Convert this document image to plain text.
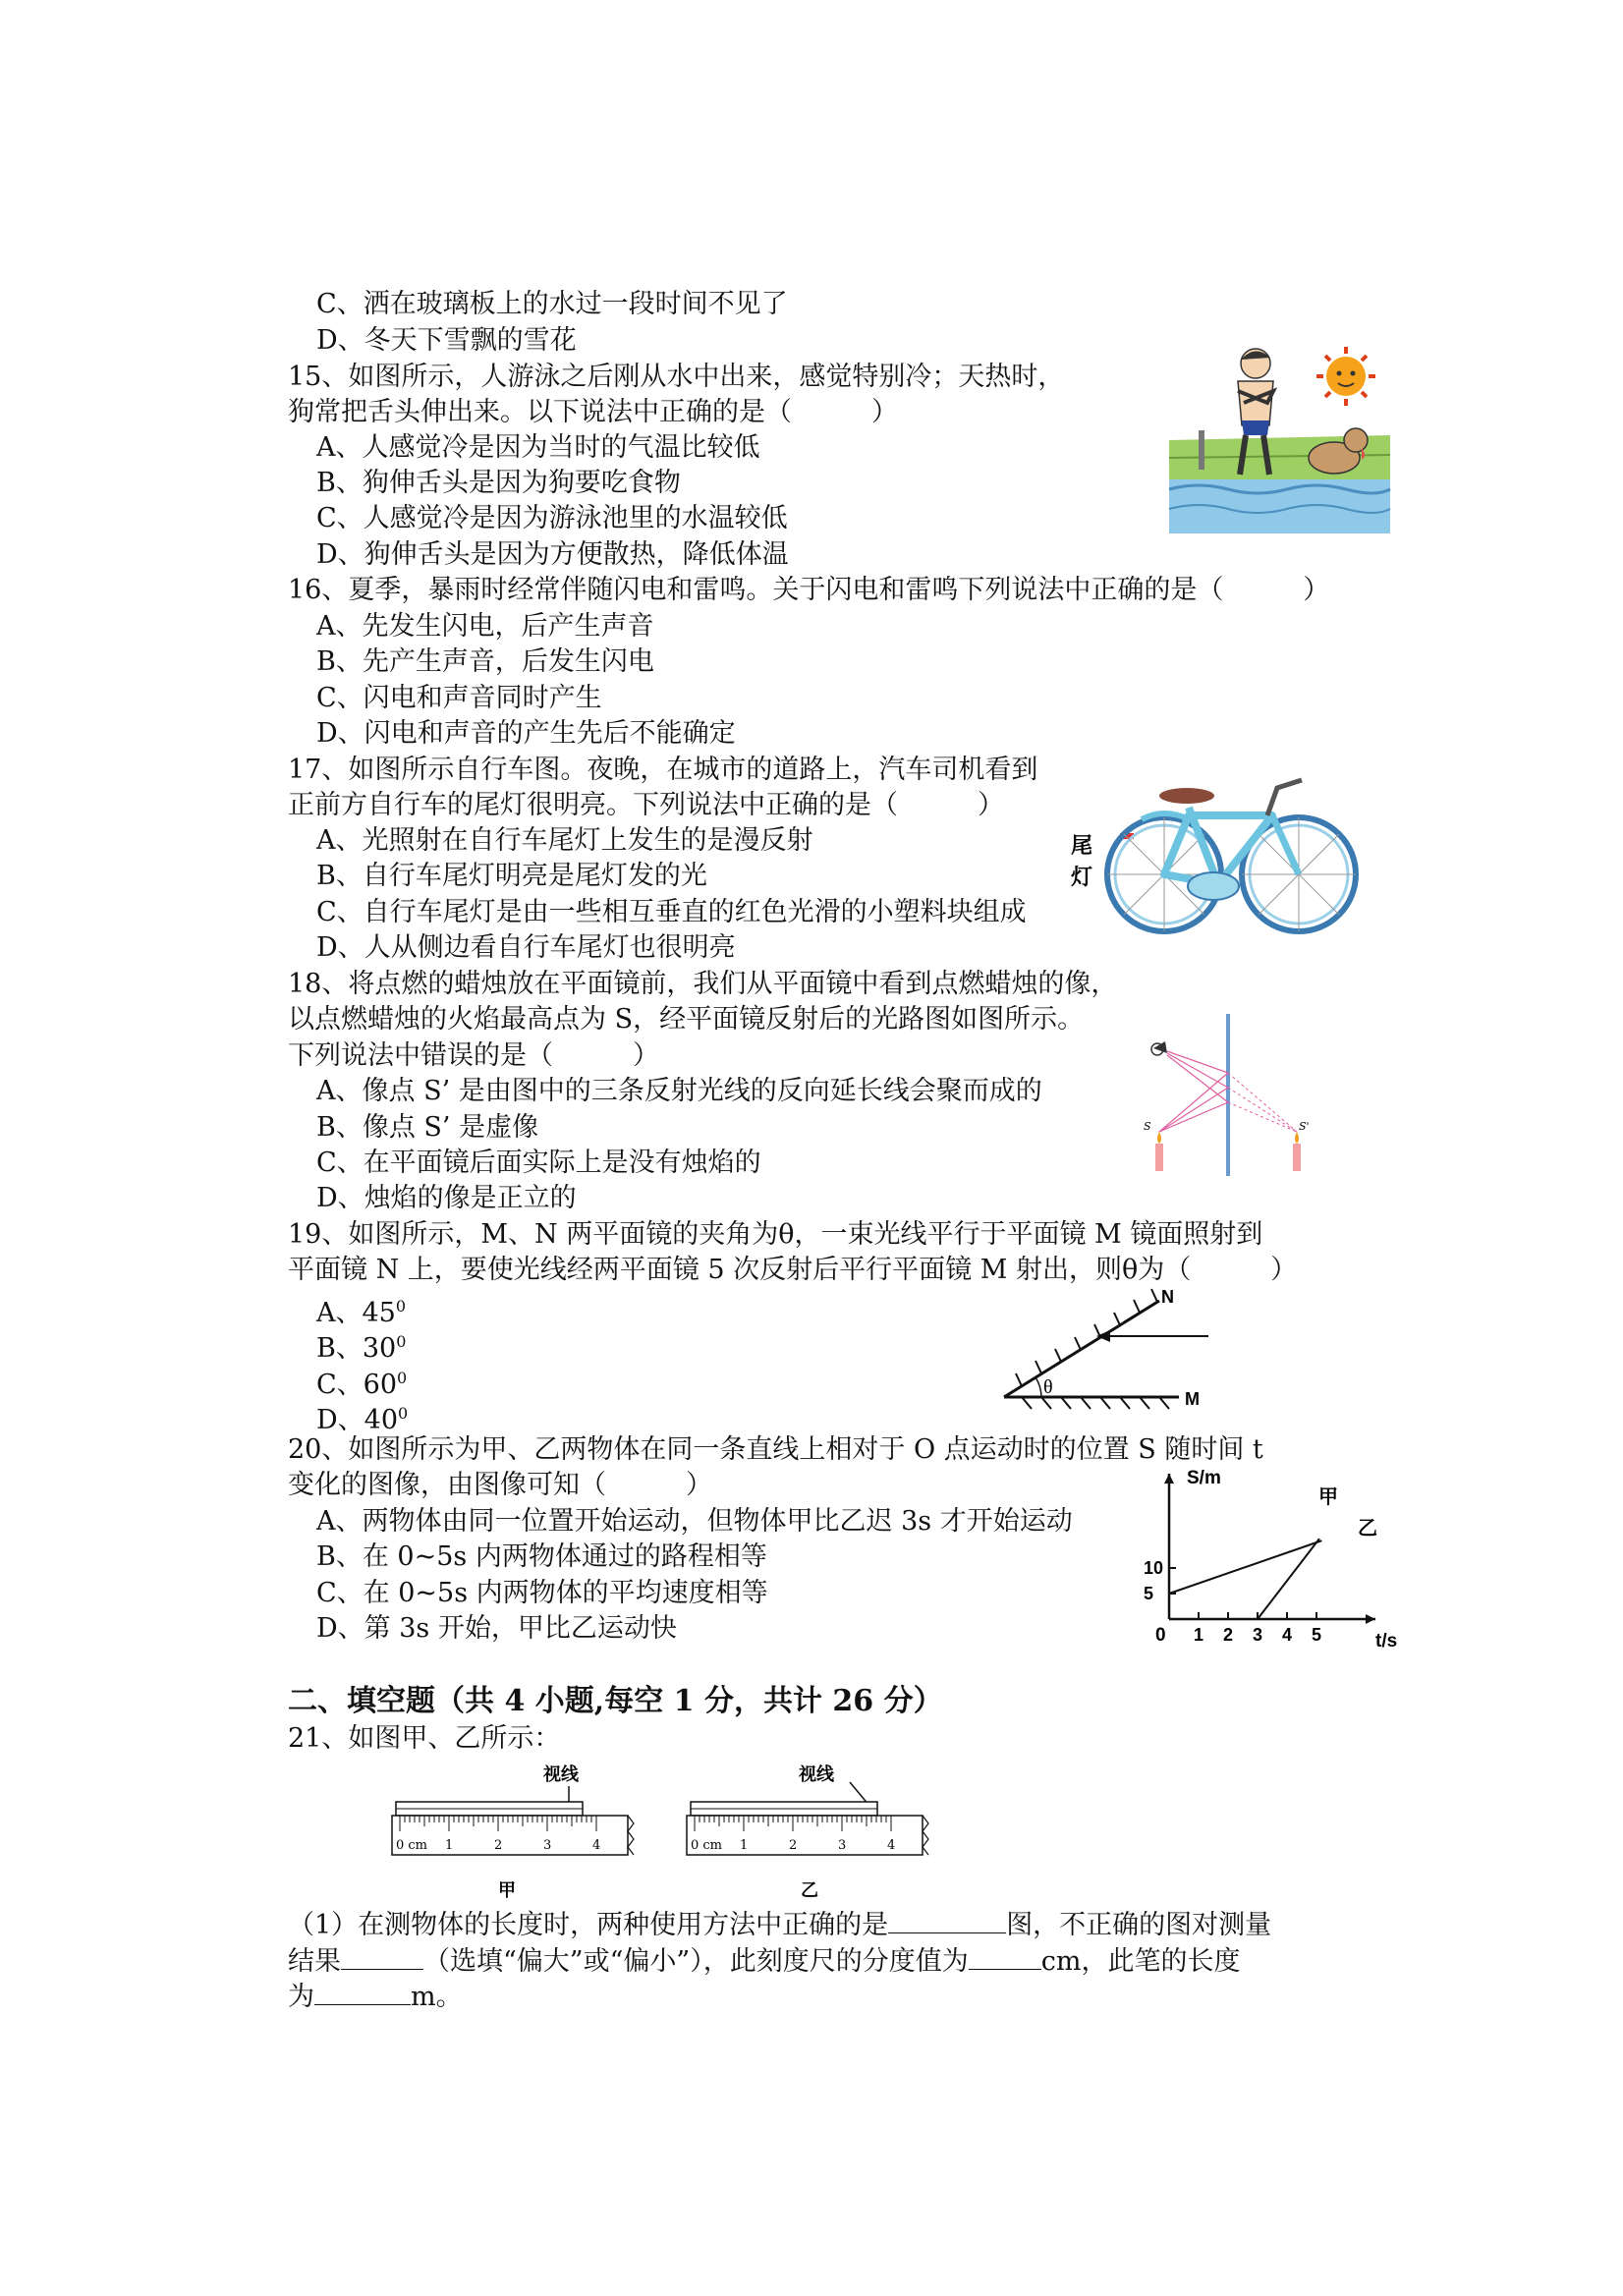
C、洒在玻璃板上的水过一段时间不见了
D、冬天下雪飘的雪花
15、如图所示，人游泳之后刚从水中出来，感觉特别冷；天热时，
狗常把舌头伸出来。以下说法中正确的是（　　　）
A、人感觉冷是因为当时的气温比较低
B、狗伸舌头是因为狗要吃食物
C、人感觉冷是因为游泳池里的水温较低
D、狗伸舌头是因为方便散热，降低体温
16、夏季，暴雨时经常伴随闪电和雷鸣。关于闪电和雷鸣下列说法中正确的是（　　　）
A、先发生闪电，后产生声音
B、先产生声音，后发生闪电
C、闪电和声音同时产生
D、闪电和声音的产生先后不能确定
17、如图所示自行车图。夜晚，在城市的道路上，汽车司机看到
正前方自行车的尾灯很明亮。下列说法中正确的是（　　　）
A、光照射在自行车尾灯上发生的是漫反射
B、自行车尾灯明亮是尾灯发的光
C、自行车尾灯是由一些相互垂直的红色光滑的小塑料块组成
D、人从侧边看自行车尾灯也很明亮
尾
灯
18、将点燃的蜡烛放在平面镜前，我们从平面镜中看到点燃蜡烛的像，
以点燃蜡烛的火焰最高点为 S，经平面镜反射后的光路图如图所示。
下列说法中错误的是（　　　）
A、像点 S’ 是由图中的三条反射光线的反向延长线会聚而成的
B、像点 S’ 是虚像
C、在平面镜后面实际上是没有烛焰的
D、烛焰的像是正立的
S	S'
19、如图所示，M、N 两平面镜的夹角为θ，一束光线平行于平面镜 M 镜面照射到
平面镜 N 上，要使光线经两平面镜 5 次反射后平行平面镜 M 射出，则θ为（　　　）
A、$45^0$
B、$30^0$
C、$60^0$
D、$40^0$
θ
N
M
20、如图所示为甲、乙两物体在同一条直线上相对于 O 点运动时的位置 S 随时间 t
变化的图像，由图像可知（　　　）
A、两物体由同一位置开始运动，但物体甲比乙迟 3s 才开始运动
B、在 0~5s 内两物体通过的路程相等
C、在 0~5s 内两物体的平均速度相等
D、第 3s 开始，甲比乙运动快
S/m
t/s
0 1 2 3 4 5
5
10
甲
乙
二、填空题（共 4 小题,每空 1 分，共计 26 分）
21、如图甲、乙所示：
视线
0 cm 1	2	3	4
甲
视线
0 cm 1	2	3	4
乙
（1）在测物体的长度时，两种使用方法中正确的是	图，不正确的图对测量
结果	（选填“偏大”或“偏小”），此刻度尺的分度值为	cm，此笔的长度
为	m。
